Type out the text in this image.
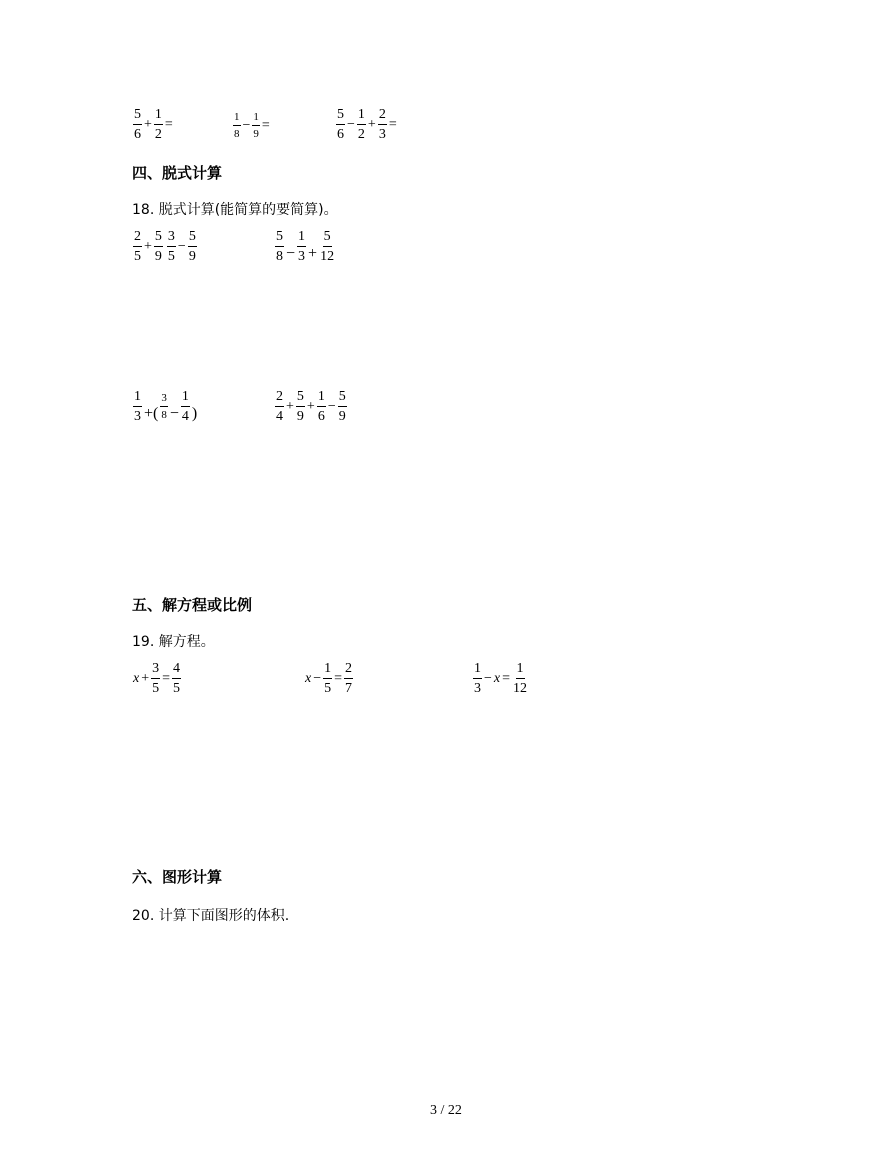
$\frac{5}{6} + \frac{1}{2}$ =	$\frac{1}{8} - \frac{1}{9}$ =	$\frac{5}{6} - \frac{1}{2} + \frac{2}{3}$ =
四、脱式计算
18. 脱式计算(能简算的要简算)。
$\frac{2}{5} + \frac{5}{9} \frac{3}{5} - \frac{5}{9}$	$\frac{5}{8} - \frac{1}{3} + \frac{5}{12}$
$\frac{1}{3}$ +( $\frac{3}{8} - \frac{1}{4}$ )	$\frac{2}{4} + \frac{5}{9} + \frac{1}{6} - \frac{5}{9}$
五、解方程或比例
19. 解方程。
$x + \frac{3}{5} = \frac{4}{5}$	$x - \frac{1}{5} = \frac{2}{7}$	$\frac{1}{3} - x = \frac{1}{12}$
六、图形计算
20. 计算下面图形的体积.
3 / 22
